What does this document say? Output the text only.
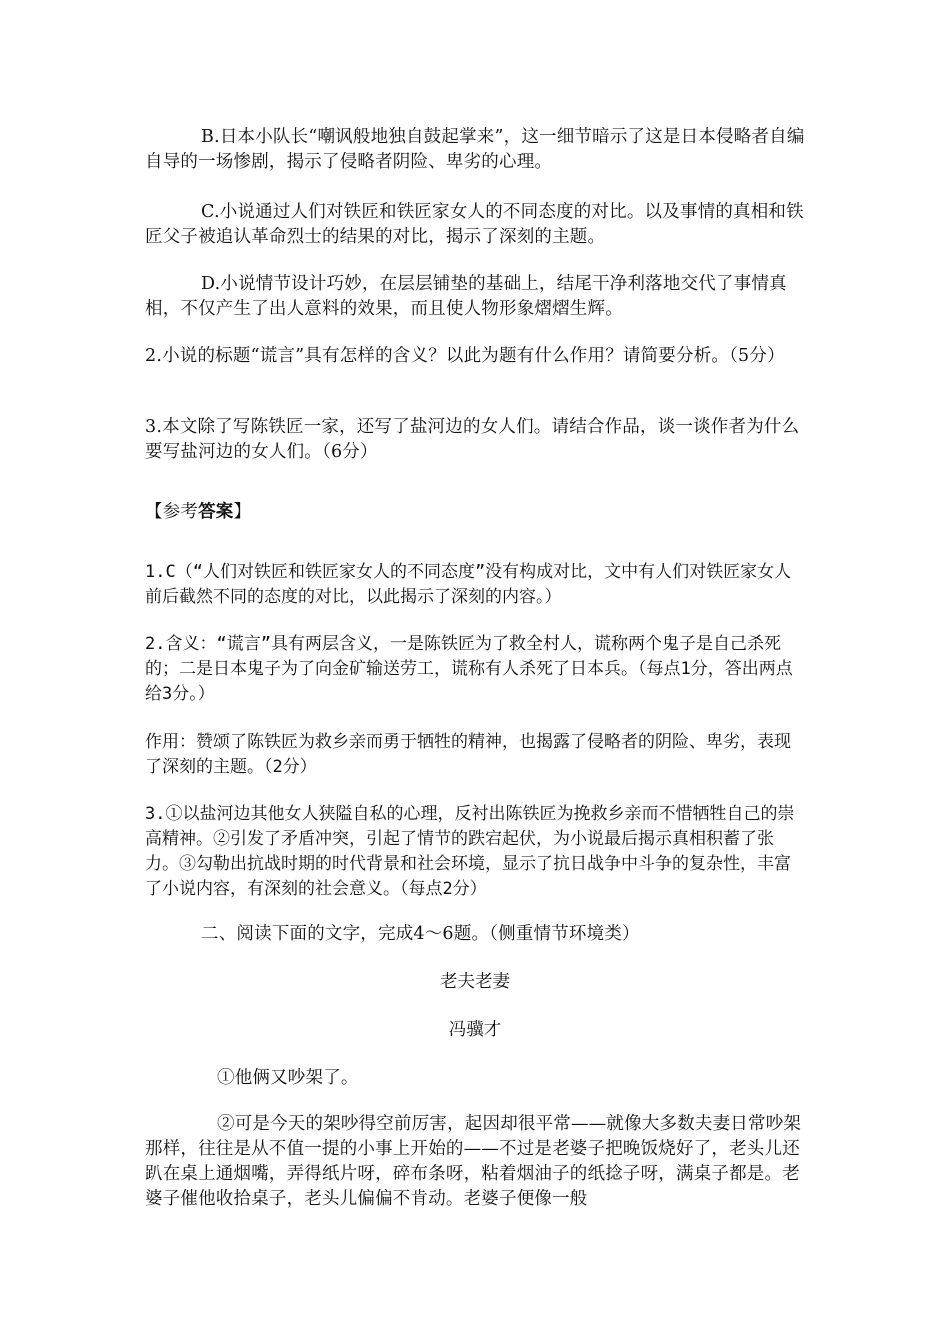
B.日本小队长“嘲讽般地独自鼓起掌来”，这一细节暗示了这是日本侵略者自编自导的一场惨剧，揭示了侵略者阴险、卑劣的心理。

C.小说通过人们对铁匠和铁匠家女人的不同态度的对比。以及事情的真相和铁匠父子被追认革命烈士的结果的对比，揭示了深刻的主题。

D.小说情节设计巧妙，在层层铺垫的基础上，结尾干净利落地交代了事情真相，不仅产生了出人意料的效果，而且使人物形象熠熠生辉。

2.小说的标题“谎言”具有怎样的含义？以此为题有什么作用？请简要分析。（5分）

3.本文除了写陈铁匠一家，还写了盐河边的女人们。请结合作品，谈一谈作者为什么要写盐河边的女人们。（6分）

【参考答案】

1.C（“人们对铁匠和铁匠家女人的不同态度”没有构成对比，文中有人们对铁匠家女人前后截然不同的态度的对比，以此揭示了深刻的内容。）

2.含义：“谎言”具有两层含义，一是陈铁匠为了救全村人，谎称两个鬼子是自己杀死的；二是日本鬼子为了向金矿输送劳工，谎称有人杀死了日本兵。（每点1分，答出两点给3分。）

作用：赞颂了陈铁匠为救乡亲而勇于牺牲的精神，也揭露了侵略者的阴险、卑劣，表现了深刻的主题。（2分）

3.①以盐河边其他女人狭隘自私的心理，反衬出陈铁匠为挽救乡亲而不惜牺牲自己的崇高精神。②引发了矛盾冲突，引起了情节的跌宕起伏，为小说最后揭示真相积蓄了张力。③勾勒出抗战时期的时代背景和社会环境，显示了抗日战争中斗争的复杂性，丰富了小说内容，有深刻的社会意义。（每点2分）

二、阅读下面的文字，完成4～6题。（侧重情节环境类）

老夫老妻

冯骥才

①他俩又吵架了。

②可是今天的架吵得空前厉害，起因却很平常——就像大多数夫妻日常吵架那样，往往是从不值一提的小事上开始的——不过是老婆子把晚饭烧好了，老头儿还趴在桌上通烟嘴，弄得纸片呀，碎布条呀，粘着烟油子的纸捻子呀，满桌子都是。老婆子催他收拾桌子，老头儿偏偏不肯动。老婆子便像一般
